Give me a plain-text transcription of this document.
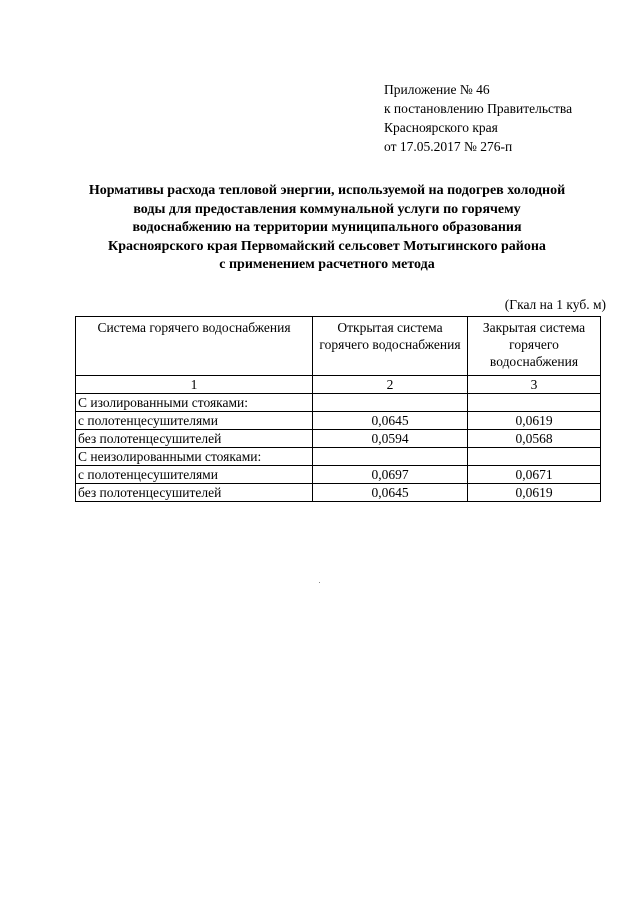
Приложение № 46
к постановлению Правительства
Красноярского края
от 17.05.2017 № 276-п
Нормативы расхода тепловой энергии, используемой на подогрев холодной
воды для предоставления коммунальной услуги по горячему
водоснабжению на территории муниципального образования
Красноярского края Первомайский сельсовет Мотыгинского района
с применением расчетного метода
(Гкал на 1 куб. м)
Система горячего водоснабжения	Открытая система горячего водоснабжения	Закрытая система горячего водоснабжения
1	2	3
С изолированными стояками:		
с полотенцесушителями	0,0645	0,0619
без полотенцесушителей	0,0594	0,0568
С неизолированными стояками:		
с полотенцесушителями	0,0697	0,0671
без полотенцесушителей	0,0645	0,0619
